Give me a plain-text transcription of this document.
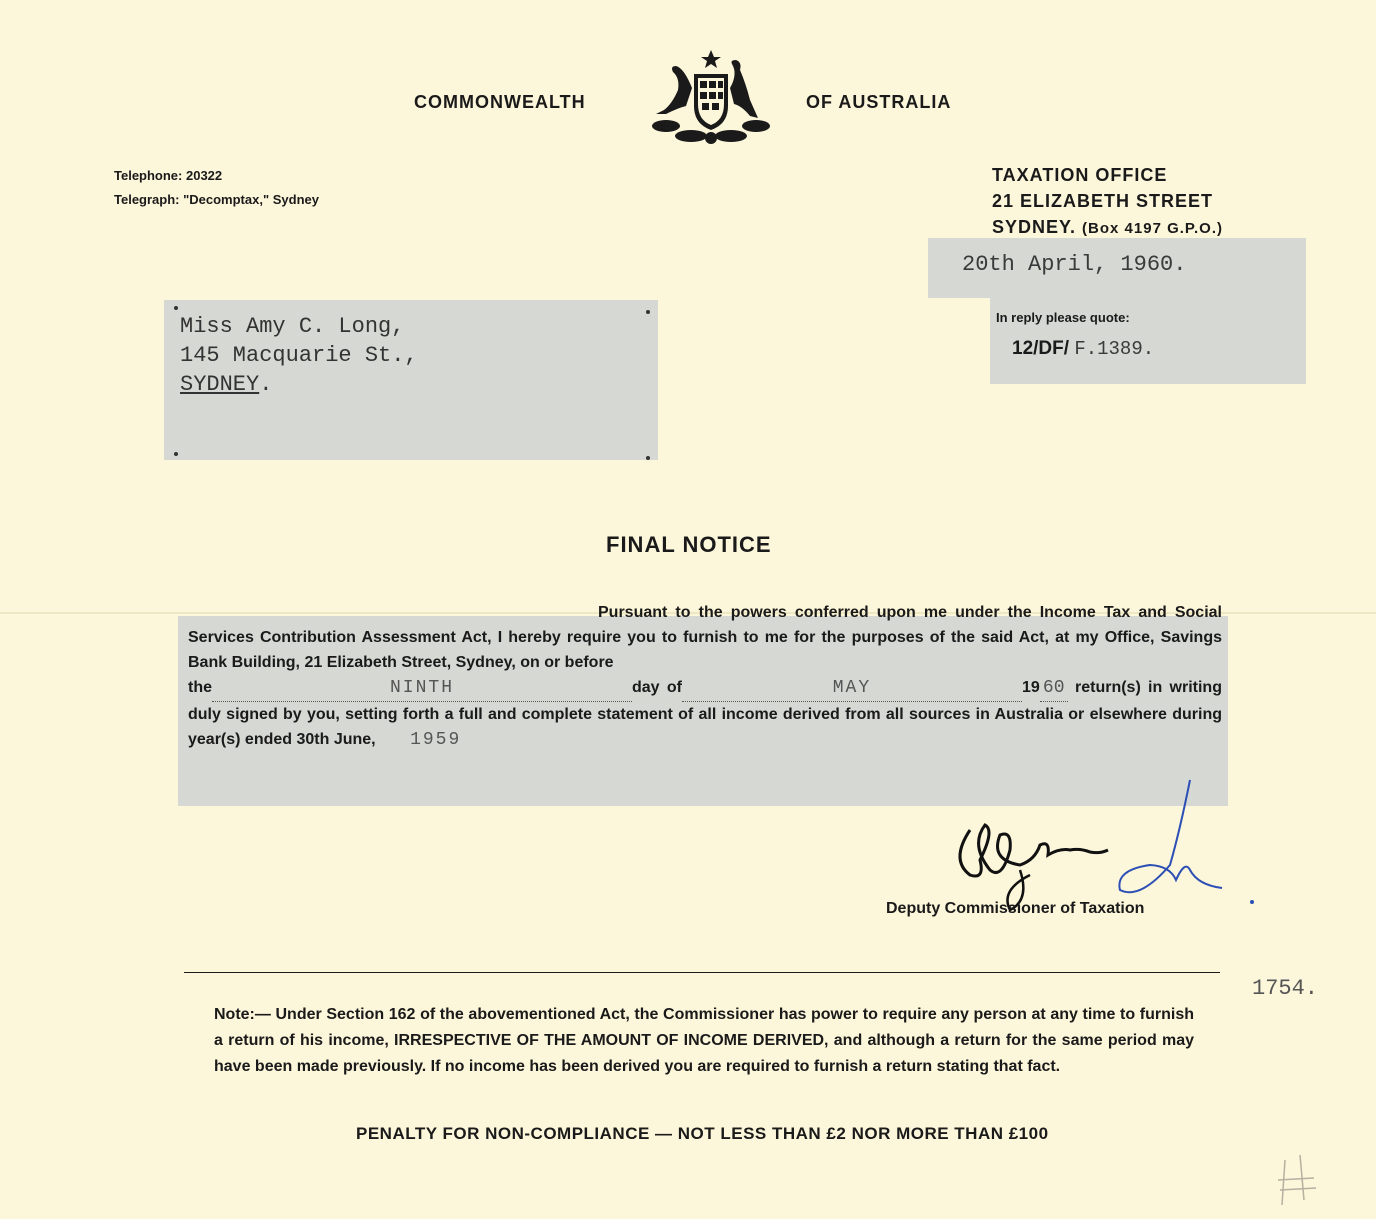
COMMONWEALTH	OF AUSTRALIA
Telephone: 20322
Telegraph: "Decomptax," Sydney
TAXATION OFFICE
21 ELIZABETH STREET
SYDNEY. (Box 4197 G.P.O.)
20th April, 1960.
In reply please quote:
12/DF/ F.1389.
Miss Amy C. Long,
145 Macquarie St.,
SYDNEY.
FINAL NOTICE
Pursuant to the powers conferred upon me under the Income Tax and Social Services Contribution Assessment Act, I hereby require you to furnish to me for the purposes of the said Act, at my Office, Savings Bank Building, 21 Elizabeth Street, Sydney, on or before
the	NINTH	day of	MAY	19 60 return(s) in writing duly signed by you, setting forth a full and complete statement of all income derived from all sources in Australia or elsewhere during year(s) ended 30th June, 1959
Deputy Commissioner of Taxation
1754.
Note:— Under Section 162 of the abovementioned Act, the Commissioner has power to require any person at any time to furnish a return of his income, IRRESPECTIVE OF THE AMOUNT OF INCOME DERIVED, and although a return for the same period may have been made previously. If no income has been derived you are required to furnish a return stating that fact.
PENALTY FOR NON-COMPLIANCE — NOT LESS THAN £2 NOR MORE THAN £100
